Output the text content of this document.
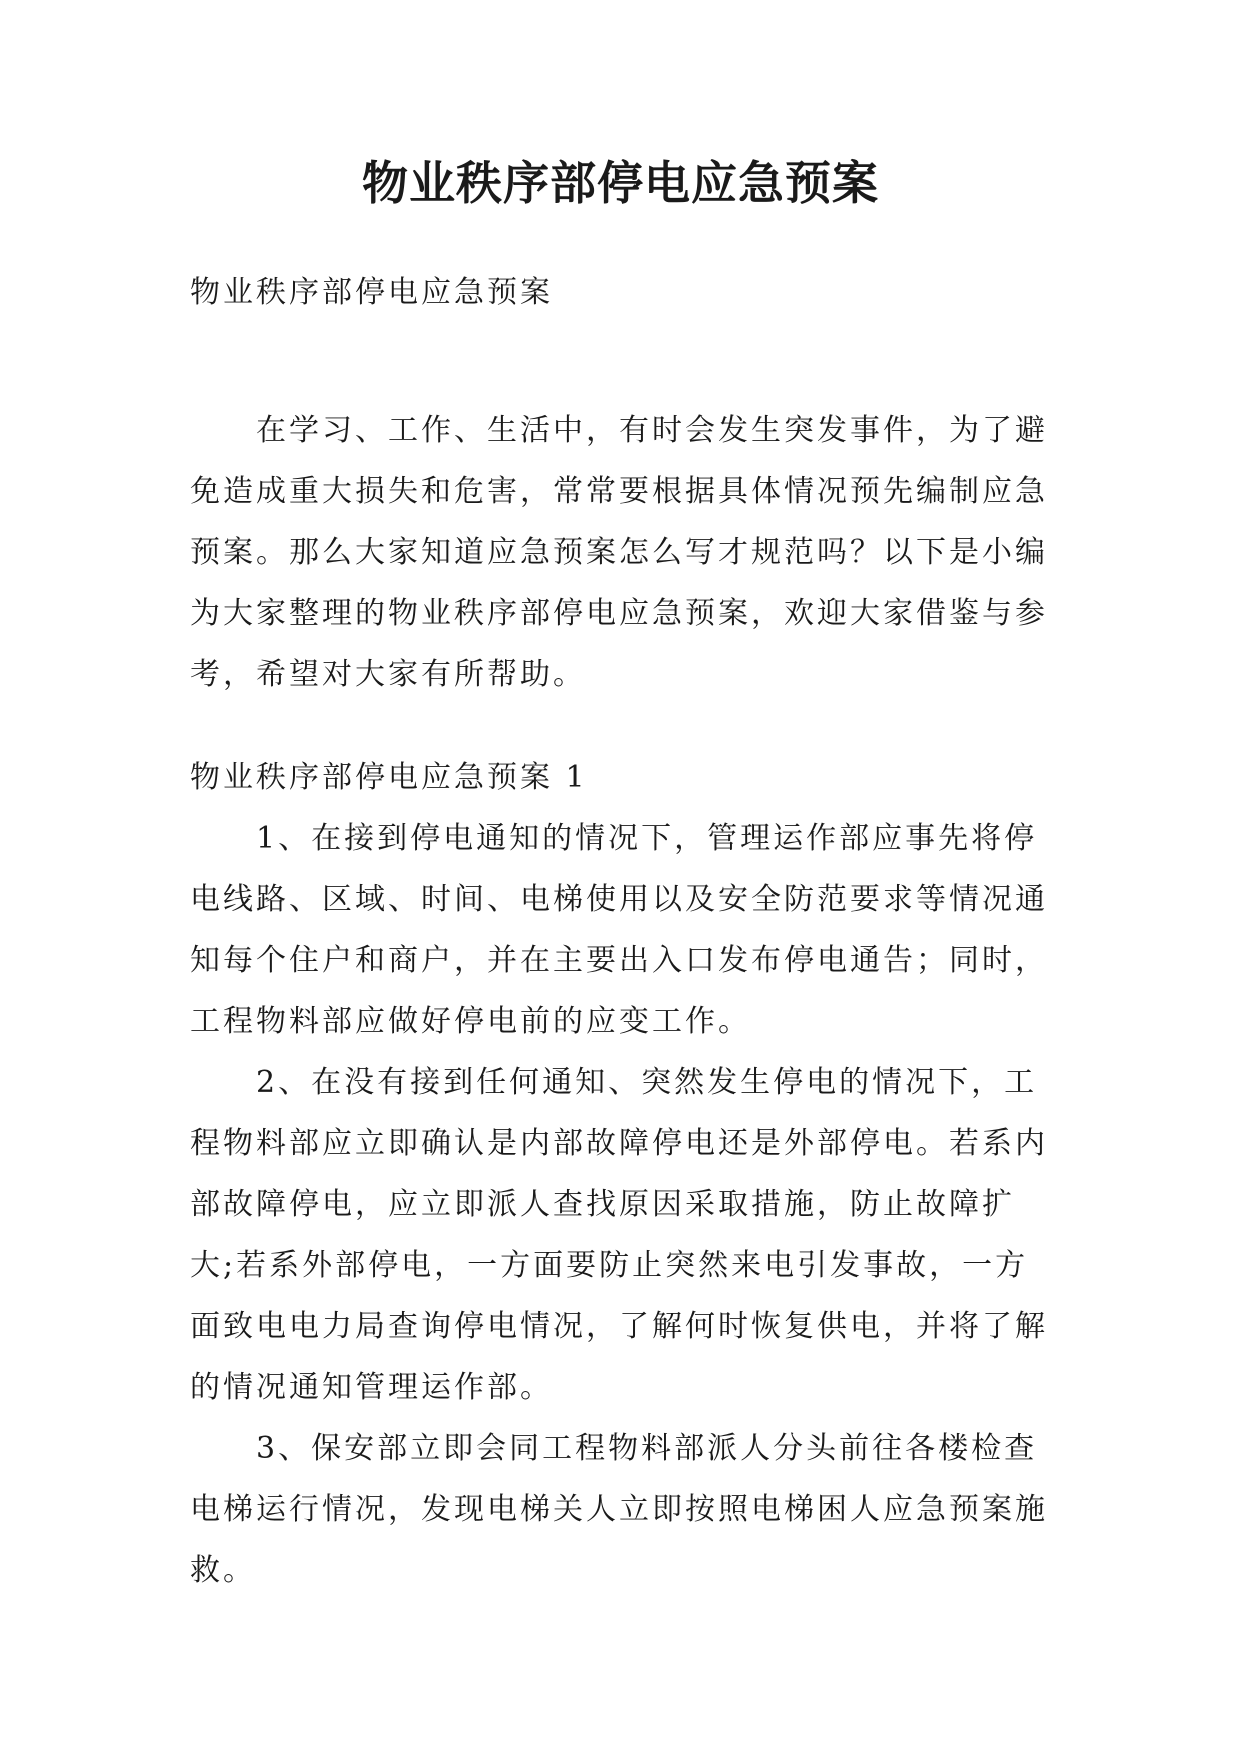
物业秩序部停电应急预案

物业秩序部停电应急预案

在学习、工作、生活中，有时会发生突发事件，为了避免造成重大损失和危害，常常要根据具体情况预先编制应急预案。那么大家知道应急预案怎么写才规范吗？以下是小编为大家整理的物业秩序部停电应急预案，欢迎大家借鉴与参考，希望对大家有所帮助。

物业秩序部停电应急预案 1

1、在接到停电通知的情况下，管理运作部应事先将停电线路、区域、时间、电梯使用以及安全防范要求等情况通知每个住户和商户，并在主要出入口发布停电通告；同时，工程物料部应做好停电前的应变工作。

2、在没有接到任何通知、突然发生停电的情况下，工程物料部应立即确认是内部故障停电还是外部停电。若系内部故障停电，应立即派人查找原因采取措施，防止故障扩大;若系外部停电，一方面要防止突然来电引发事故，一方面致电电力局查询停电情况，了解何时恢复供电，并将了解的情况通知管理运作部。

3、保安部立即会同工程物料部派人分头前往各楼检查电梯运行情况，发现电梯关人立即按照电梯困人应急预案施救。
